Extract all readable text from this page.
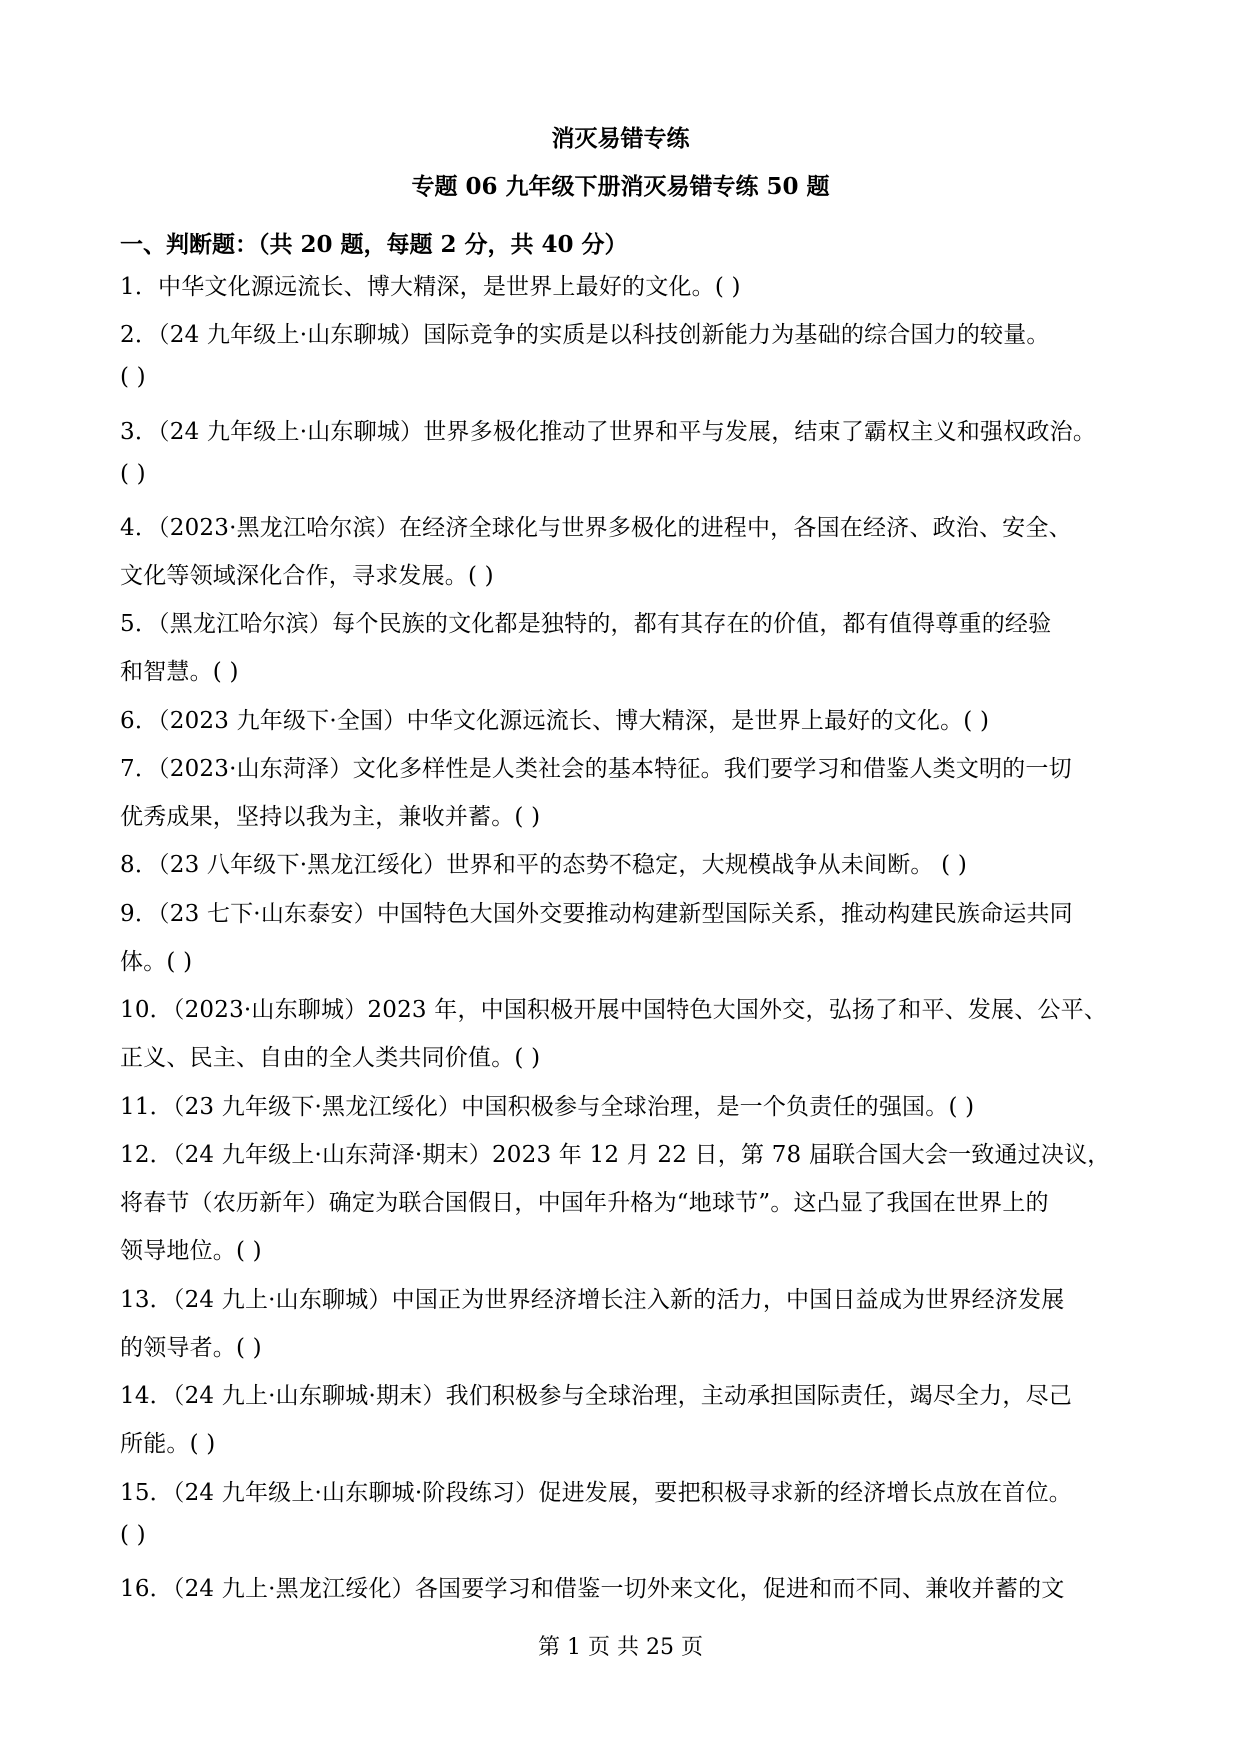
消灭易错专练
专题 06 九年级下册消灭易错专练 50 题
一、判断题：（共 20 题，每题 2 分，共 40 分）
1．中华文化源远流长、博大精深，是世界上最好的文化。( )
2．（24 九年级上·山东聊城）国际竞争的实质是以科技创新能力为基础的综合国力的较量。
( )
3．（24 九年级上·山东聊城）世界多极化推动了世界和平与发展，结束了霸权主义和强权政治。
( )
4．（2023·黑龙江哈尔滨）在经济全球化与世界多极化的进程中，各国在经济、政治、安全、
文化等领域深化合作，寻求发展。( )
5．（黑龙江哈尔滨）每个民族的文化都是独特的，都有其存在的价值，都有值得尊重的经验
和智慧。( )
6．（2023 九年级下·全国）中华文化源远流长、博大精深，是世界上最好的文化。( )
7．（2023·山东菏泽）文化多样性是人类社会的基本特征。我们要学习和借鉴人类文明的一切
优秀成果，坚持以我为主，兼收并蓄。( )
8．（23 八年级下·黑龙江绥化）世界和平的态势不稳定，大规模战争从未间断。 ( )
9．（23 七下·山东泰安）中国特色大国外交要推动构建新型国际关系，推动构建民族命运共同
体。( )
10．（2023·山东聊城）2023 年，中国积极开展中国特色大国外交，弘扬了和平、发展、公平、
正义、民主、自由的全人类共同价值。( )
11．（23 九年级下·黑龙江绥化）中国积极参与全球治理，是一个负责任的强国。( )
12．（24 九年级上·山东菏泽·期末）2023 年 12 月 22 日，第 78 届联合国大会一致通过决议，
将春节（农历新年）确定为联合国假日，中国年升格为“地球节”。这凸显了我国在世界上的
领导地位。( )
13．（24 九上·山东聊城）中国正为世界经济增长注入新的活力，中国日益成为世界经济发展
的领导者。( )
14．（24 九上·山东聊城·期末）我们积极参与全球治理，主动承担国际责任，竭尽全力，尽己
所能。( )
15．（24 九年级上·山东聊城·阶段练习）促进发展，要把积极寻求新的经济增长点放在首位。
( )
16．（24 九上·黑龙江绥化）各国要学习和借鉴一切外来文化，促进和而不同、兼收并蓄的文
第 1 页 共 25 页
